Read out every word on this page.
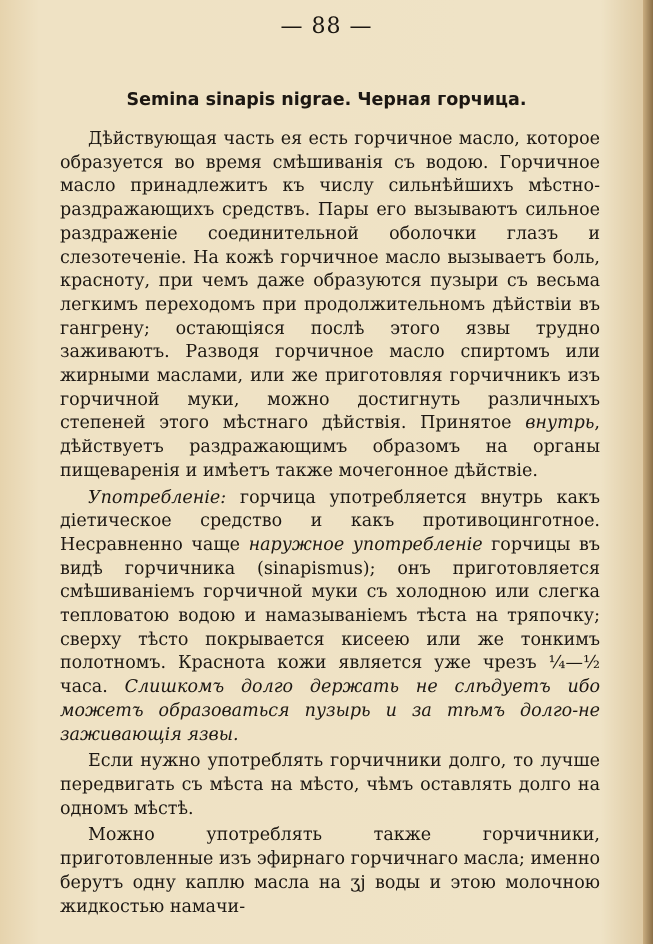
— 88 —
Semina sinapis nigrae. Черная горчица.

Дѣйствующая часть ея есть горчичное масло, которое образуется во время смѣшиванія съ водою. Горчичное масло принадлежитъ къ числу сильнѣйшихъ мѣстно-раздражающихъ средствъ. Пары его вызываютъ сильное раздраженіе соединительной оболочки глазъ и слезотеченіе. На кожѣ горчичное масло вызываетъ боль, красноту, при чемъ даже образуются пузыри съ весьма легкимъ переходомъ при продолжительномъ дѣйствіи въ гангрену; остающіяся послѣ этого язвы трудно заживаютъ. Разводя горчичное масло спиртомъ или жирными маслами, или же приготовляя горчичникъ изъ горчичной муки, можно достигнуть различныхъ степеней этого мѣстнаго дѣйствія. Принятое внутрь, дѣйствуетъ раздражающимъ образомъ на органы пищеваренія и имѣетъ также мочегонное дѣйствіе.

Употребленіе: горчица употребляется внутрь какъ діетическое средство и какъ противоцинготное. Несравненно чаще наружное употребленіе горчицы въ видѣ горчичника (sinapismus); онъ приготовляется смѣшиваніемъ горчичной муки съ холодною или слегка тепловатою водою и намазываніемъ тѣста на тряпочку; сверху тѣсто покрывается кисеею или же тонкимъ полотномъ. Краснота кожи является уже чрезъ ¼—½ часа. Слишкомъ долго держать не слѣдуетъ ибо можетъ образоваться пузырь и за тѣмъ долго-не заживающія язвы.

Если нужно употреблять горчичники долго, то лучше передвигать съ мѣста на мѣсто, чѣмъ оставлять долго на одномъ мѣстѣ.

Можно употреблять также горчичники, приготовленные изъ эфирнаго горчичнаго масла; именно берутъ одну каплю масла на ʒj воды и этою молочною жидкостью намачи-
